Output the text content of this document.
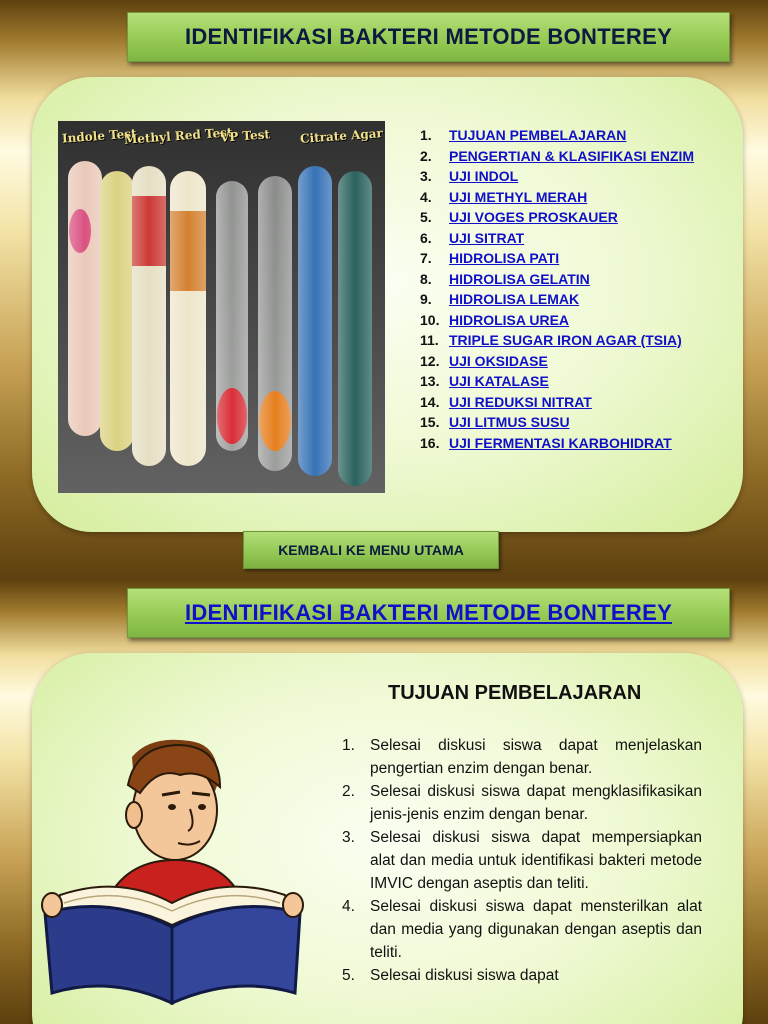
IDENTIFIKASI BAKTERI METODE BONTEREY
Indole Test
Methyl Red Test
VP Test Citrate Agar	1.	TUJUAN PEMBELAJARAN
2.	PENGERTIAN & KLASIFIKASI ENZIM
3.	UJI INDOL
4.	UJI METHYL MERAH
5.	UJI VOGES PROSKAUER
6.	UJI SITRAT
7.	HIDROLISA PATI
8.	HIDROLISA GELATIN
9.	HIDROLISA LEMAK
10. HIDROLISA UREA
11. TRIPLE SUGAR IRON AGAR (TSIA)
12. UJI OKSIDASE
13. UJI KATALASE
14. UJI REDUKSI NITRAT
15. UJI LITMUS SUSU
16. UJI FERMENTASI KARBOHIDRAT
KEMBALI KE MENU UTAMA
IDENTIFIKASI BAKTERI METODE BONTEREY
TUJUAN PEMBELAJARAN
1. Selesai diskusi siswa dapat menjelaskan pengertian enzim dengan benar.
2. Selesai diskusi siswa dapat mengklasifikasikan jenis-jenis enzim dengan benar.
3. Selesai diskusi siswa dapat mempersiapkan alat dan media untuk identifikasi bakteri metode IMVIC dengan aseptis dan teliti.
4. Selesai diskusi siswa dapat mensterilkan alat dan media yang digunakan dengan aseptis dan teliti.
5. Selesai diskusi siswa dapat
